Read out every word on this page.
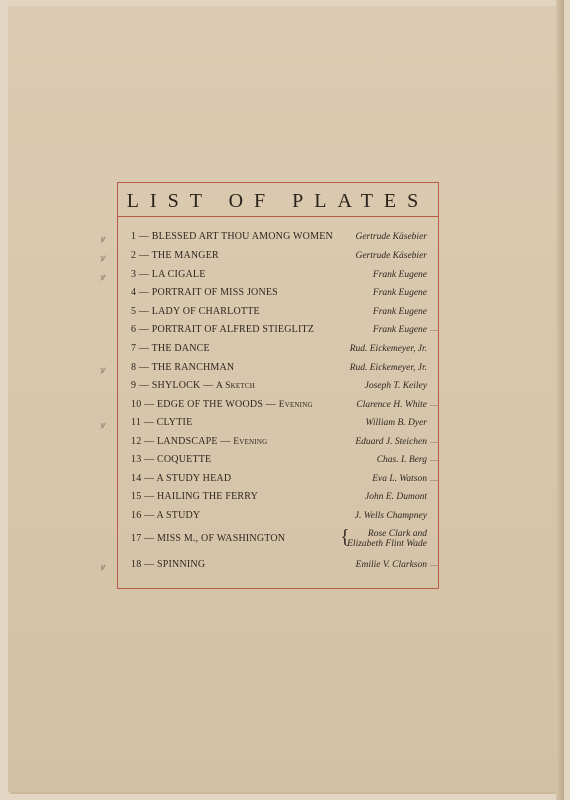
LIST OF PLATES
1 — BLESSED ART THOU AMONG WOMEN Gertrude Käsebier
2 — THE MANGER	Gertrude Käsebier
3 — LA CIGALE	Frank Eugene
4 — PORTRAIT OF MISS JONES	Frank Eugene
5 — LADY OF CHARLOTTE	Frank Eugene
6 — PORTRAIT OF ALFRED STIEGLITZ	Frank Eugene
7 — THE DANCE	Rud. Eickemeyer, Jr.
8 — THE RANCHMAN	Rud. Eickemeyer, Jr.
9 — SHYLOCK — A Sketch	Joseph T. Keiley
10 — EDGE OF THE WOODS — Evening	Clarence H. White
11 — CLYTIE	William B. Dyer
12 — LANDSCAPE — Evening	Eduard J. Steichen
13 — COQUETTE	Chas. I. Berg
14 — A STUDY HEAD	Eva L. Watson
15 — HAILING THE FERRY	John E. Dumont
16 — A STUDY	J. Wells Champney
17 — MISS M., OF WASHINGTON	{	Rose Clark and
Elizabeth Flint Wade
18 — SPINNING	Emilie V. Clarkson
ꝟ
ꝟ
ꝟ
ꝟ
ꝟ
ꝟ
